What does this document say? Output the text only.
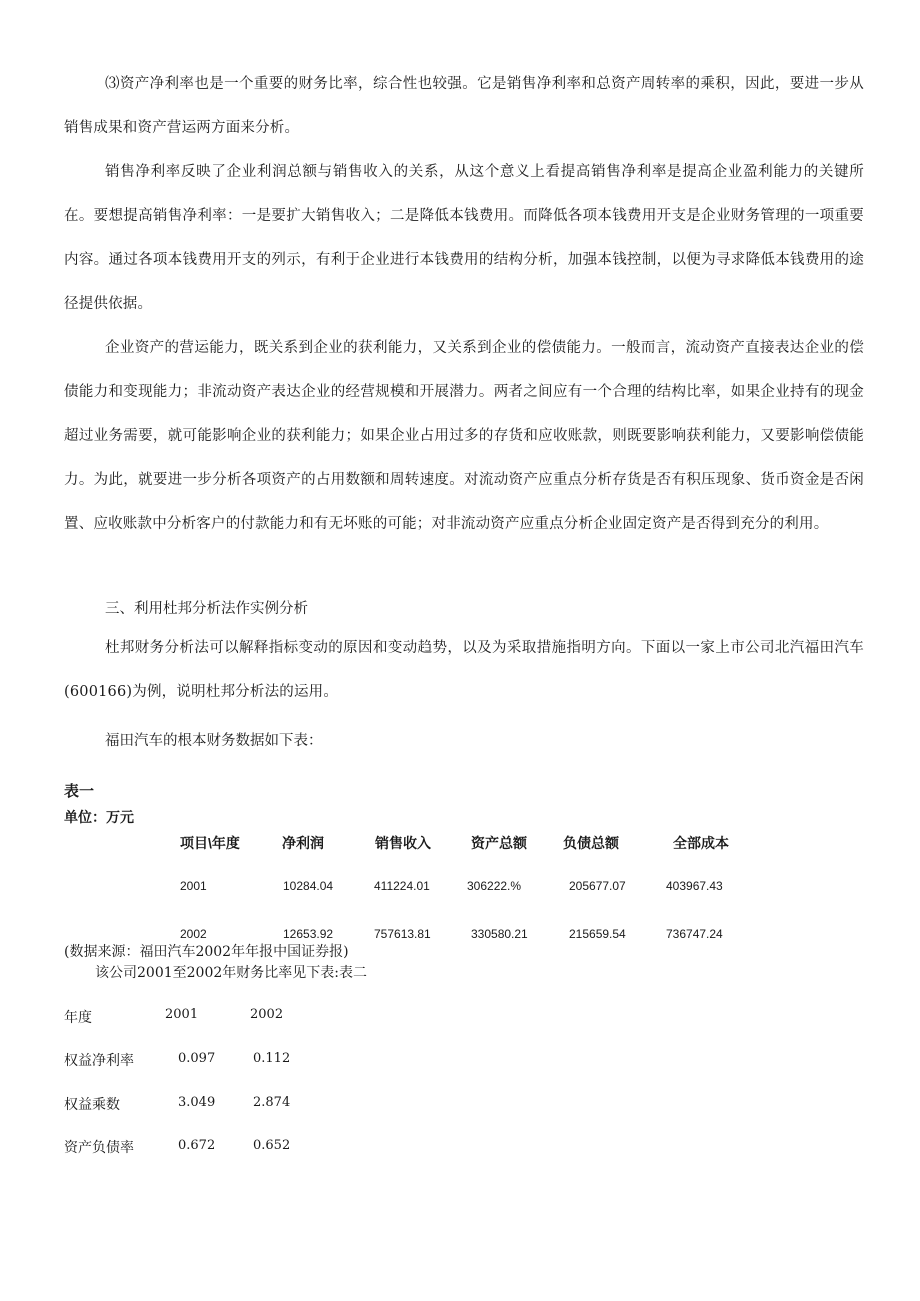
⑶资产净利率也是一个重要的财务比率，综合性也较强。它是销售净利率和总资产周转率的乘积，因此，要进一步从销售成果和资产营运两方面来分析。
销售净利率反映了企业利润总额与销售收入的关系，从这个意义上看提高销售净利率是提高企业盈利能力的关键所在。要想提高销售净利率：一是要扩大销售收入；二是降低本钱费用。而降低各项本钱费用开支是企业财务管理的一项重要内容。通过各项本钱费用开支的列示，有利于企业进行本钱费用的结构分析，加强本钱控制，以便为寻求降低本钱费用的途径提供依据。
企业资产的营运能力，既关系到企业的获利能力，又关系到企业的偿债能力。一般而言，流动资产直接表达企业的偿债能力和变现能力；非流动资产表达企业的经营规模和开展潜力。两者之间应有一个合理的结构比率，如果企业持有的现金超过业务需要，就可能影响企业的获利能力；如果企业占用过多的存货和应收账款，则既要影响获利能力，又要影响偿债能力。为此，就要进一步分析各项资产的占用数额和周转速度。对流动资产应重点分析存货是否有积压现象、货币资金是否闲置、应收账款中分析客户的付款能力和有无坏账的可能；对非流动资产应重点分析企业固定资产是否得到充分的利用。
三、利用杜邦分析法作实例分析
杜邦财务分析法可以解释指标变动的原因和变动趋势，以及为采取措施指明方向。下面以一家上市公司北汽福田汽车(600166)为例，说明杜邦分析法的运用。
福田汽车的根本财务数据如下表：
表一
单位：万元
项目\年度	净利润	销售收入	资产总额	负债总额	全部成本
2001	10284.04	411224.01	306222.%	205677.07	403967.43
2002	12653.92	757613.81	330580.21	215659.54	736747.24
(数据来源：福田汽车2002年年报中国证券报)
该公司2001至2002年财务比率见下表:表二
年度	2001	2002
权益净利率	0.097	0.112
权益乘数	3.049	2.874
资产负债率	0.672	0.652
